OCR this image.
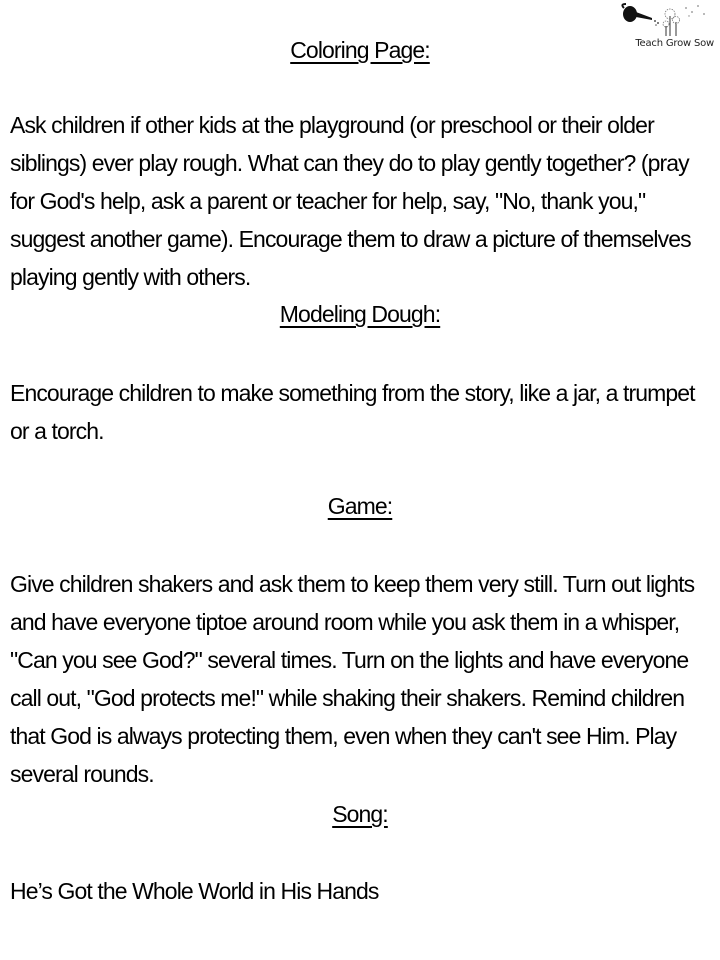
Teach Grow Sow
Coloring Page:

Ask children if other kids at the playground (or preschool or their older siblings) ever play rough. What can they do to play gently together? (pray for God's help, ask a parent or teacher for help, say, "No, thank you," suggest another game). Encourage them to draw a picture of themselves playing gently with others.

Modeling Dough:

Encourage children to make something from the story, like a jar, a trumpet or a torch.

Game:

Give children shakers and ask them to keep them very still. Turn out lights and have everyone tiptoe around room while you ask them in a whisper, "Can you see God?" several times. Turn on the lights and have everyone call out, "God protects me!" while shaking their shakers. Remind children that God is always protecting them, even when they can't see Him. Play several rounds.

Song:

He’s Got the Whole World in His Hands
